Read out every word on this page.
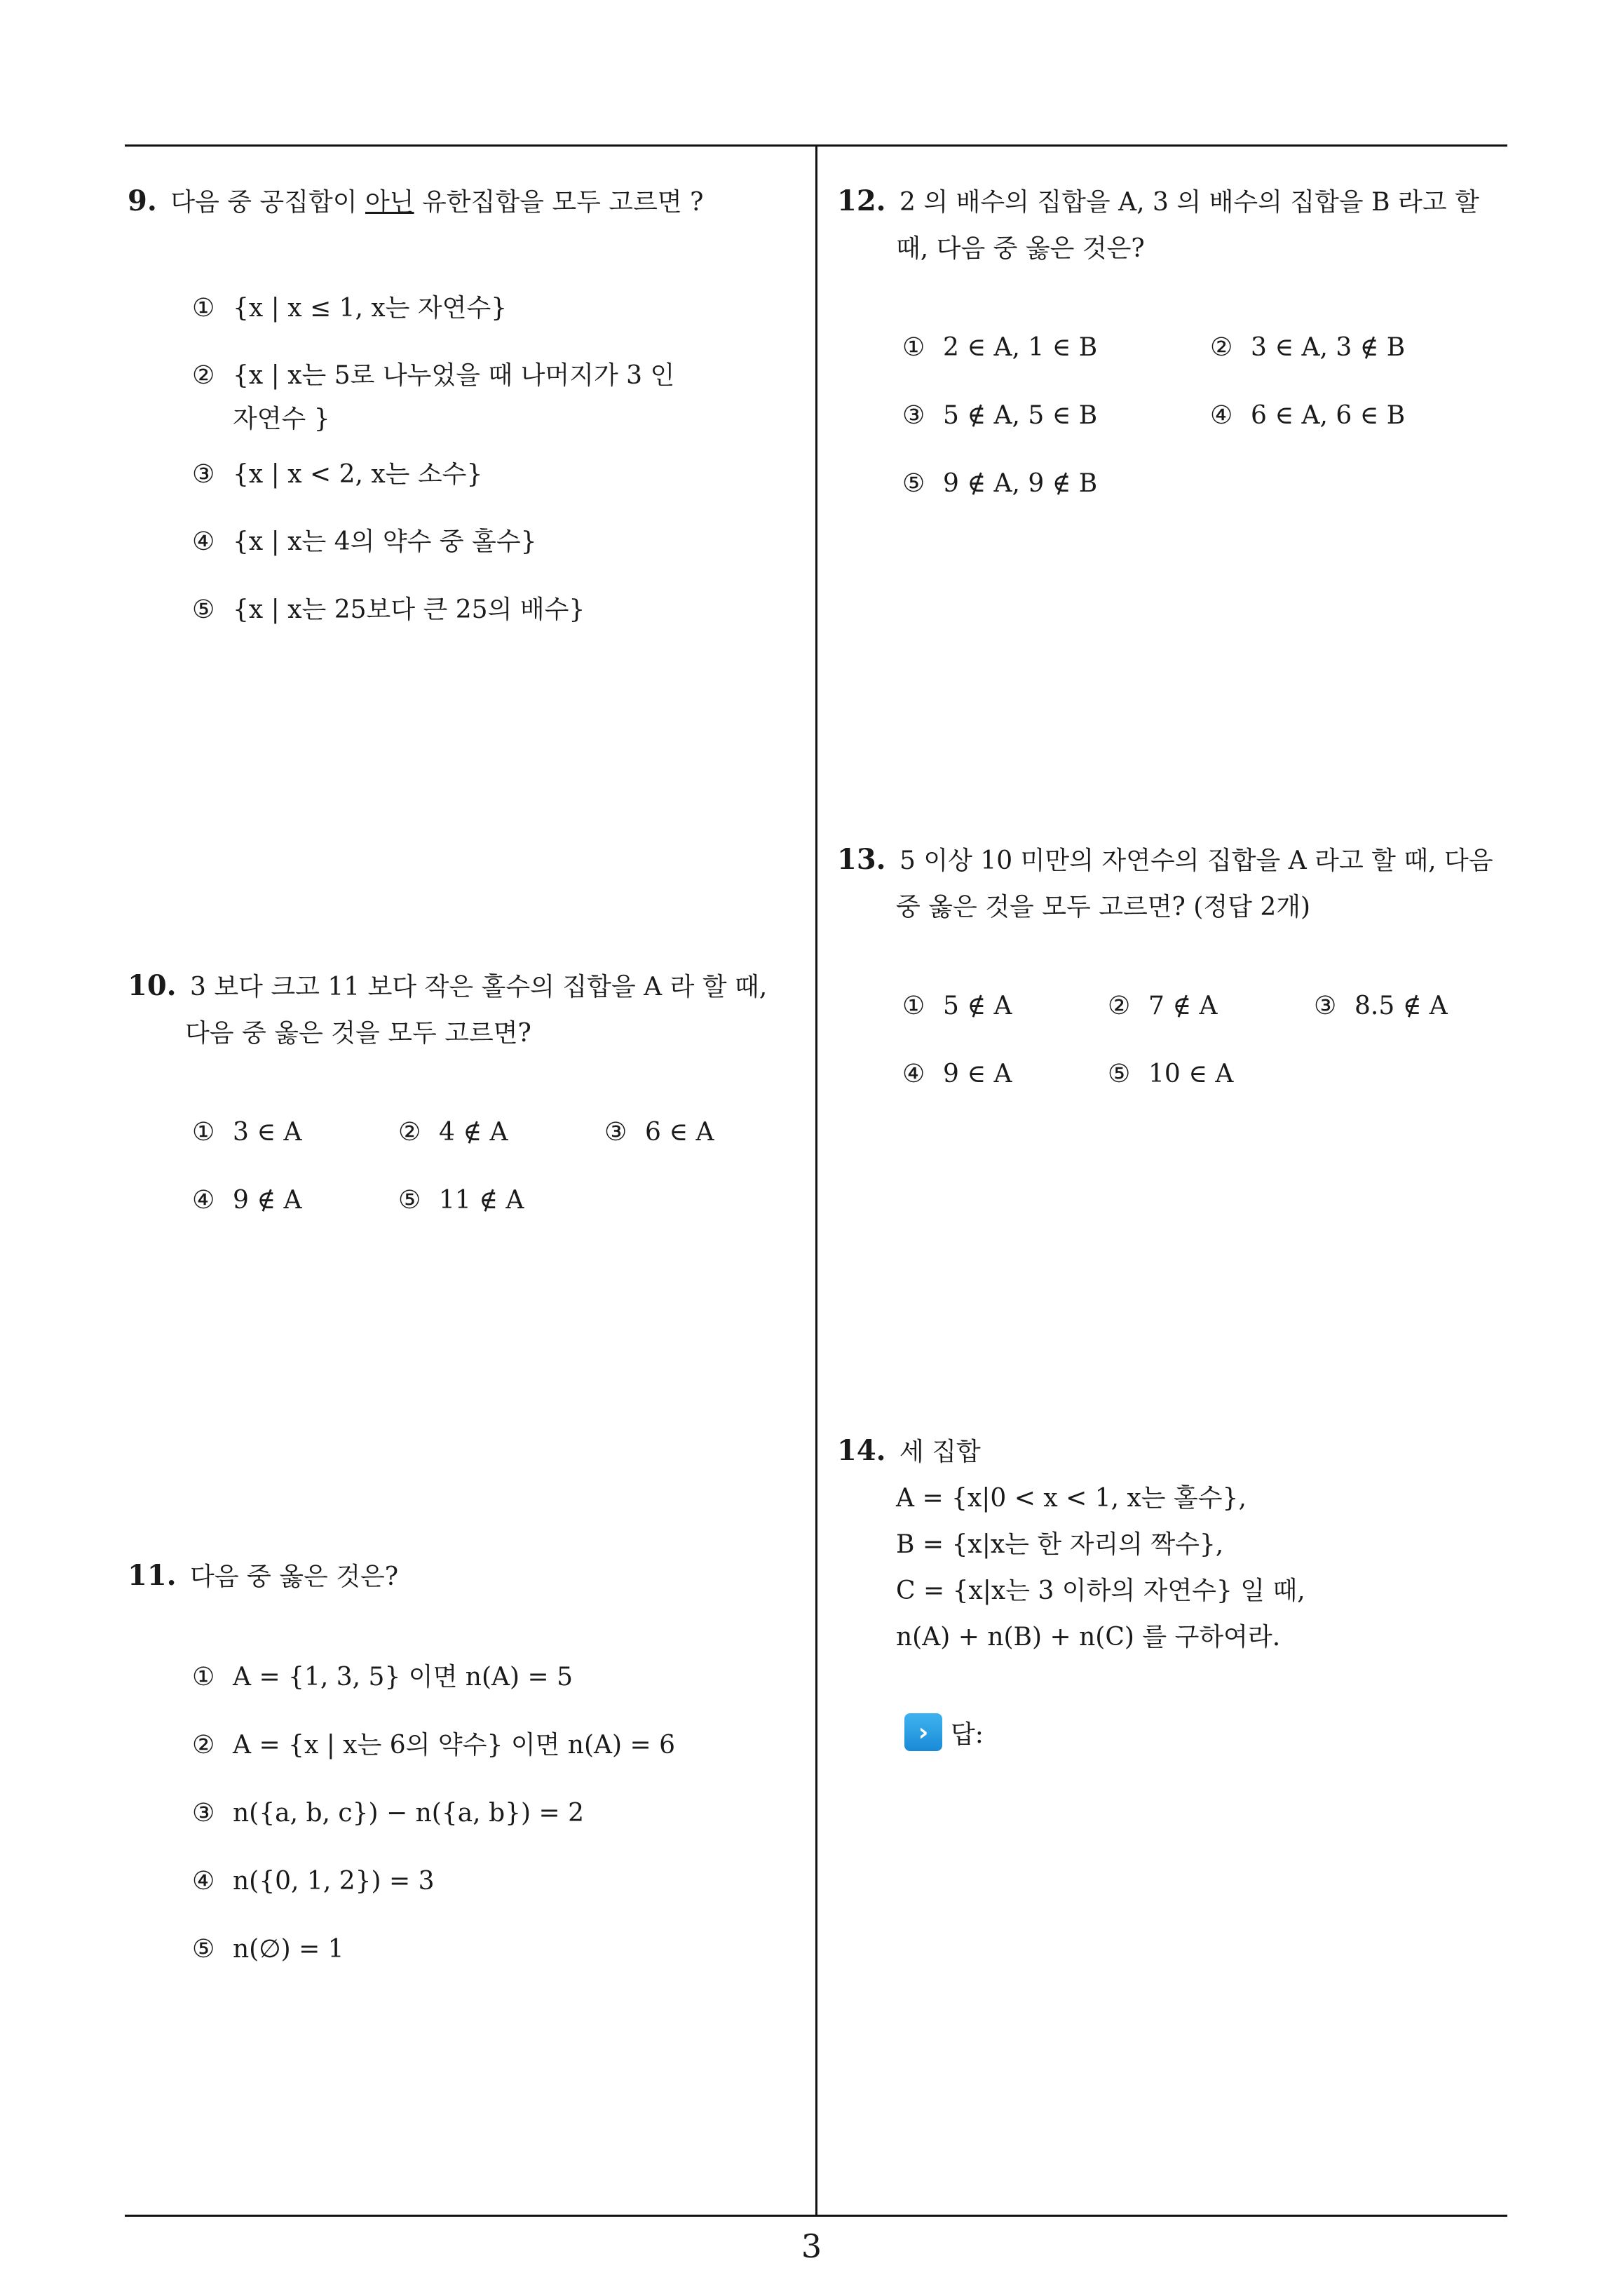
9. 다음 중 공집합이 아닌 유한집합을 모두 고르면 ?
① {x | x ≤ 1, x는 자연수}
② {x | x는 5로 나누었을 때 나머지가 3 인
자연수 }
③ {x | x < 2, x는 소수}
④ {x | x는 4의 약수 중 홀수}
⑤ {x | x는 25보다 큰 25의 배수}
10. 3 보다 크고 11 보다 작은 홀수의 집합을 A 라 할 때,
다음 중 옳은 것을 모두 고르면?
① 3 ∈ A	② 4 ∉ A	③ 6 ∈ A
④ 9 ∉ A	⑤ 11 ∉ A
11. 다음 중 옳은 것은?
① A = {1, 3, 5} 이면 n(A) = 5
② A = {x | x는 6의 약수} 이면 n(A) = 6
③ n({a, b, c}) − n({a, b}) = 2
④ n({0, 1, 2}) = 3
⑤ n(∅) = 1
12. 2 의 배수의 집합을 A, 3 의 배수의 집합을 B 라고 할
때, 다음 중 옳은 것은?
① 2 ∈ A, 1 ∈ B	② 3 ∈ A, 3 ∉ B
③ 5 ∉ A, 5 ∈ B	④ 6 ∈ A, 6 ∈ B
⑤ 9 ∉ A, 9 ∉ B
13. 5 이상 10 미만의 자연수의 집합을 A 라고 할 때, 다음
중 옳은 것을 모두 고르면? (정답 2개)
① 5 ∉ A	② 7 ∉ A	③ 8.5 ∉ A
④ 9 ∈ A	⑤ 10 ∈ A
14. 세 집합
A = {x|0 < x < 1, x는 홀수},
B = {x|x는 한 자리의 짝수},
C = {x|x는 3 이하의 자연수} 일 때,
n(A) + n(B) + n(C) 를 구하여라.
› 답:
3
